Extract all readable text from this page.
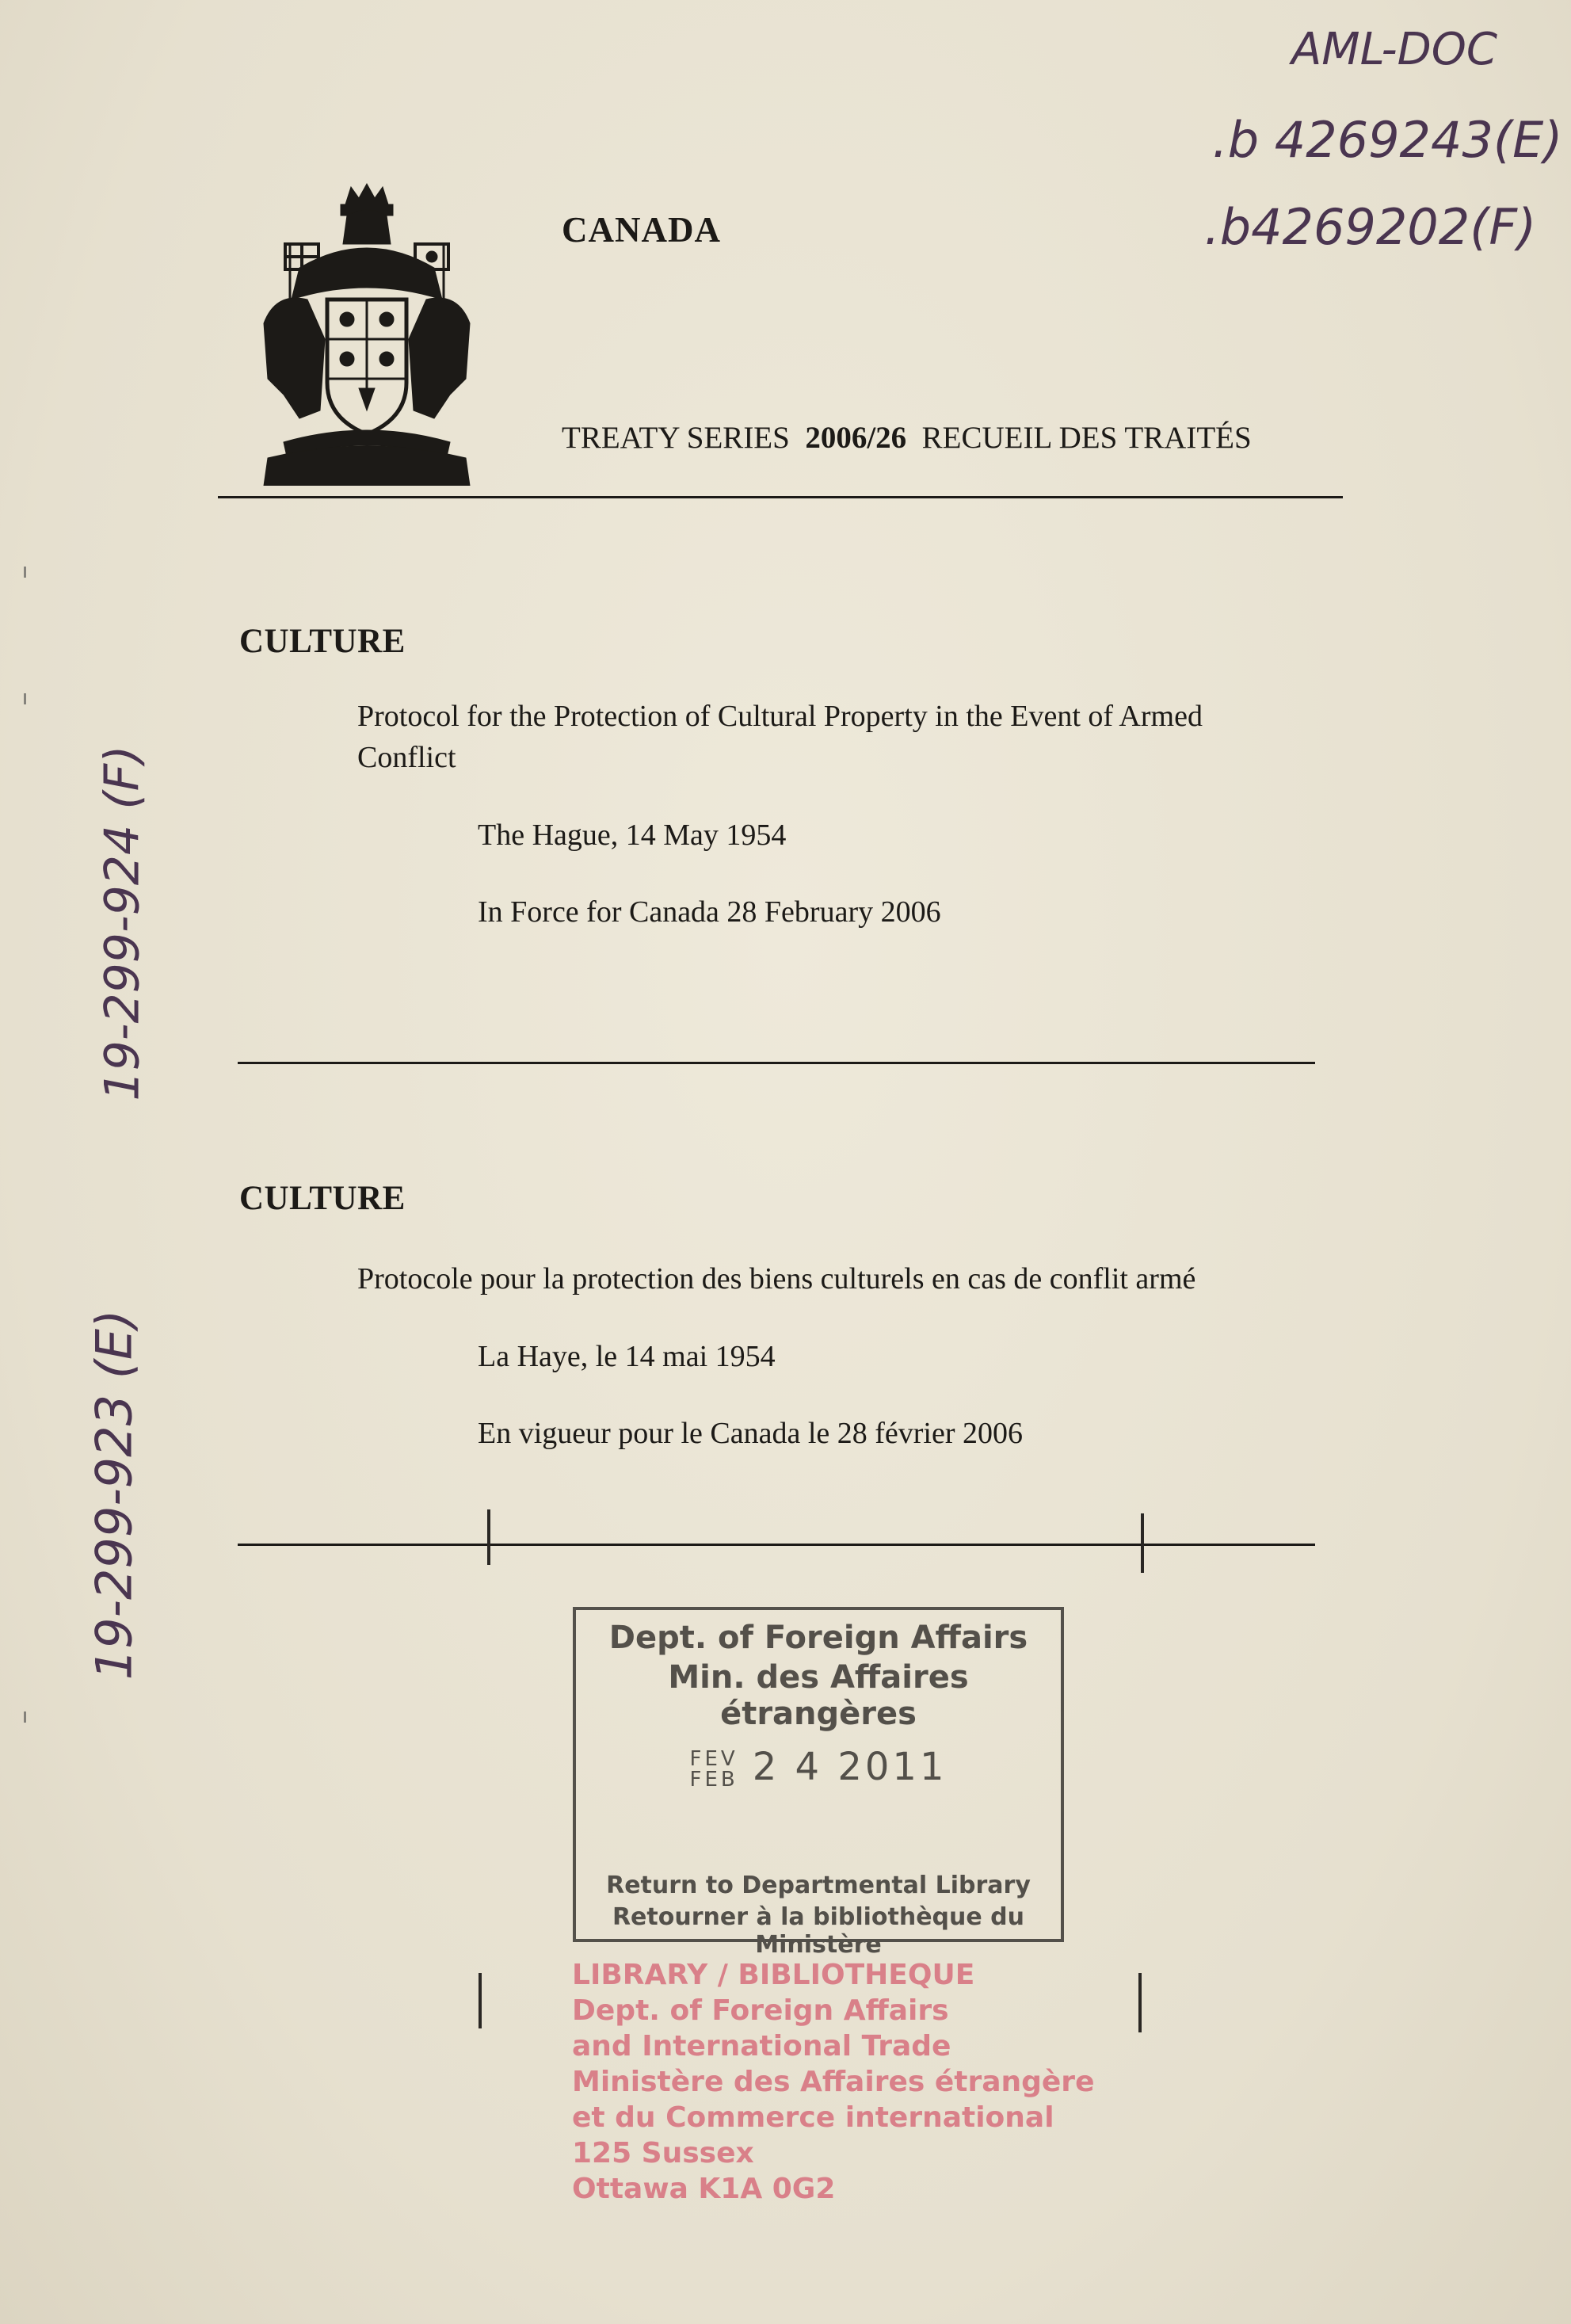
CANADA
TREATY SERIES 2006/26 RECUEIL DES TRAITÉS
CULTURE
Protocol for the Protection of Cultural Property in the Event of Armed
Conflict
The Hague, 14 May 1954
In Force for Canada 28 February 2006
CULTURE
Protocole pour la protection des biens culturels en cas de conflit armé
La Haye, le 14 mai 1954
En vigueur pour le Canada le 28 février 2006
AML-DOC
.b 4269243(E)
.b4269202(F)
19-299-924 (F)
19-299-923 (E)	Dept. of Foreign Affairs
Min. des Affaires étrangères
FEV FEB 2 4 2011
Return to Departmental Library
Retourner à la bibliothèque du Ministère
LIBRARY / BIBLIOTHEQUE
Dept. of Foreign Affairs
and International Trade
Ministère des Affaires étrangère
et du Commerce international
125 Sussex
Ottawa K1A 0G2
